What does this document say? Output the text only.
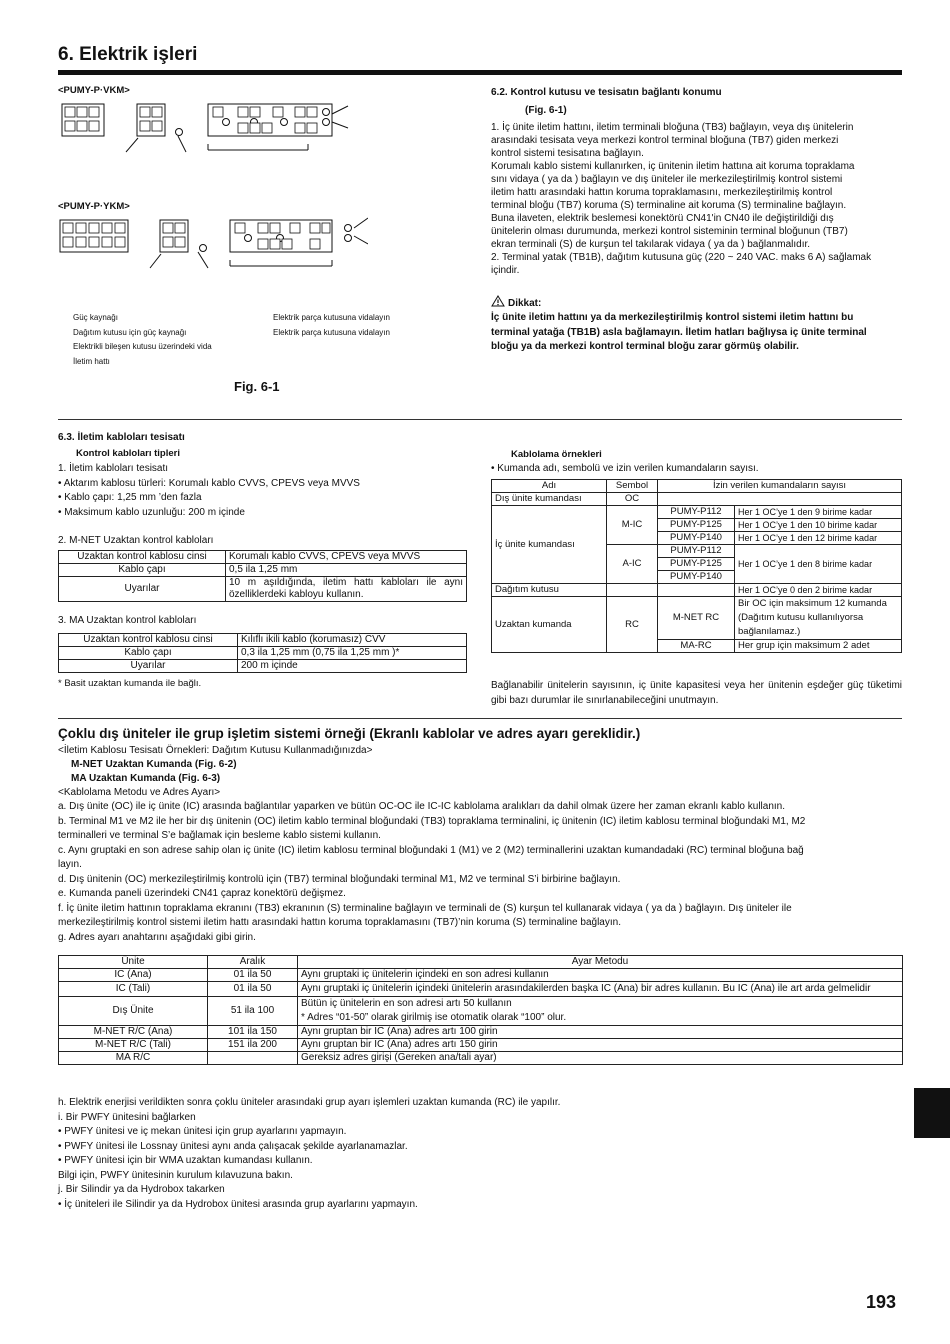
6. Elektrik işleri
<PUMY-P·VKM>
<PUMY-P·YKM>
Güç kaynağı
Dağıtım kutusu için güç kaynağı
Elektrikli bileşen kutusu üzerindeki vida
İletim hattı
Elektrik parça kutusuna vidalayın
Elektrik parça kutusuna vidalayın
Fig. 6-1
6.2. Kontrol kutusu ve tesisatın bağlantı konumu
(Fig. 6-1)
1. İç ünite iletim hattını, iletim terminali bloğuna (TB3) bağlayın, veya dış ünitelerin
arasındaki tesisata veya merkezi kontrol terminal bloğuna (TB7) giden merkezi
kontrol sistemi tesisatına bağlayın.
Korumalı kablo sistemi kullanırken, iç ünitenin iletim hattına ait koruma topraklama
sını vidaya ( ya da ) bağlayın ve dış üniteler ile merkezileştirilmiş kontrol sistemi
iletim hattı arasındaki hattın koruma topraklamasını, merkezileştirilmiş kontrol
terminal bloğu (TB7) koruma (S) terminaline ait koruma (S) terminaline bağlayın.
Buna ilaveten, elektrik beslemesi konektörü CN41'in CN40 ile değiştirildiği dış
ünitelerin olması durumunda, merkezi kontrol sisteminin terminal bloğunun (TB7)
ekran terminali (S) de kurşun tel takılarak vidaya ( ya da ) bağlanmalıdır.
2. Terminal yatak (TB1B), dağıtım kutusuna güç (220 ~ 240 VAC. maks 6 A) sağlamak
içindir.
Dikkat:
İç ünite iletim hattını ya da merkezileştirilmiş kontrol sistemi iletim hattını bu
terminal yatağa (TB1B) asla bağlamayın. İletim hatları bağlıysa iç ünite terminal
bloğu ya da merkezi kontrol terminal bloğu zarar görmüş olabilir.
6.3. İletim kabloları tesisatı
Kontrol kabloları tipleri
1. İletim kabloları tesisatı
• Aktarım kablosu türleri: Korumalı kablo CVVS, CPEVS veya MVVS
• Kablo çapı: 1,25 mm ’den fazla
• Maksimum kablo uzunluğu: 200 m içinde
2. M-NET Uzaktan kontrol kabloları
Uzaktan kontrol kablosu cinsi	Korumalı kablo CVVS, CPEVS veya MVVS
Kablo çapı	0,5 ila 1,25 mm
Uyarılar	10 m aşıldığında, iletim hattı kabloları ile aynı özelliklerdeki kabloyu kullanın.
3. MA Uzaktan kontrol kabloları
Uzaktan kontrol kablosu cinsi	Kılıflı ikili kablo (korumasız) CVV
Kablo çapı	0,3 ila 1,25 mm (0,75 ila 1,25 mm )*
Uyarılar	200 m içinde
* Basit uzaktan kumanda ile bağlı.
Kablolama örnekleri
• Kumanda adı, sembolü ve izin verilen kumandaların sayısı.
Adı	Sembol	İzin verilen kumandaların sayısı	
Dış ünite kumandası	OC		
İç ünite kumandası	M-IC	PUMY-P112	Her 1 OC’ye 1 den 9 birime kadar
		PUMY-P125	Her 1 OC’ye 1 den 10 birime kadar
		PUMY-P140	Her 1 OC’ye 1 den 12 birime kadar
	A-IC	PUMY-P112	Her 1 OC’ye 1 den 8 birime kadar
		PUMY-P125	
		PUMY-P140	
Dağıtım kutusu			Her 1 OC’ye 0 den 2 birime kadar
Uzaktan kumanda	RC	M-NET RC	Bir OC için maksimum 12 kumanda (Dağıtım kutusu kullanılıyorsa bağlanılamaz.)
		MA-RC	Her grup için maksimum 2 adet
Bağlanabilir ünitelerin sayısının, iç ünite kapasitesi veya her ünitenin eşdeğer güç tüketimi gibi bazı durumlar ile sınırlanabileceğini unutmayın.
Çoklu dış üniteler ile grup işletim sistemi örneği (Ekranlı kablolar ve adres ayarı gereklidir.)
<İletim Kablosu Tesisatı Örnekleri: Dağıtım Kutusu Kullanmadığınızda>
M-NET Uzaktan Kumanda (Fig. 6-2)
MA Uzaktan Kumanda (Fig. 6-3)
<Kablolama Metodu ve Adres Ayarı>
a. Dış ünite (OC) ile iç ünite (IC) arasında bağlantılar yaparken ve bütün OC-OC ile IC-IC kablolama aralıkları da dahil olmak üzere her zaman ekranlı kablo kullanın.
b. Terminal M1 ve M2 ile her bir dış ünitenin (OC) iletim kablo terminal bloğundaki (TB3) topraklama terminalini, iç ünitenin (IC) iletim kablosu terminal bloğundaki M1, M2
terminalleri ve terminal S’e bağlamak için besleme kablo sistemi kullanın.
c. Aynı gruptaki en son adrese sahip olan iç ünite (IC) iletim kablosu terminal bloğundaki 1 (M1) ve 2 (M2) terminallerini uzaktan kumandadaki (RC) terminal bloğuna bağ
layın.
d. Dış ünitenin (OC) merkezileştirilmiş kontrolü için (TB7) terminal bloğundaki terminal M1, M2 ve terminal S’i birbirine bağlayın.
e. Kumanda paneli üzerindeki CN41 çapraz konektörü değişmez.
f. İç ünite iletim hattının topraklama ekranını (TB3) ekranının (S) terminaline bağlayın ve terminali de (S) kurşun tel kullanarak vidaya ( ya da ) bağlayın. Dış üniteler ile
merkezileştirilmiş kontrol sistemi iletim hattı arasındaki hattın koruma topraklamasını (TB7)’nin koruma (S) terminaline bağlayın.
g. Adres ayarı anahtarını aşağıdaki gibi girin.
Ünite	Aralık	Ayar Metodu
IC (Ana)	01 ila 50	Aynı gruptaki iç ünitelerin içindeki en son adresi kullanın
IC (Tali)	01 ila 50	Aynı gruptaki iç ünitelerin içindeki ünitelerin arasındakilerden başka IC (Ana) bir adres kullanın. Bu IC (Ana) ile art arda gelmelidir
Dış Ünite	51 ila 100	Bütün iç ünitelerin en son adresi artı 50 kullanın
* Adres “01-50” olarak girilmiş ise otomatik olarak “100” olur.
M-NET R/C (Ana)	101 ila 150	Aynı gruptan bir IC (Ana) adres artı 100 girin
M-NET R/C (Tali)	151 ila 200	Aynı gruptan bir IC (Ana) adres artı 150 girin
MA R/C		Gereksiz adres girişi (Gereken ana/tali ayar)
h. Elektrik enerjisi verildikten sonra çoklu üniteler arasındaki grup ayarı işlemleri uzaktan kumanda (RC) ile yapılır.
i. Bir PWFY ünitesini bağlarken
• PWFY ünitesi ve iç mekan ünitesi için grup ayarlarını yapmayın.
• PWFY ünitesi ile Lossnay ünitesi aynı anda çalışacak şekilde ayarlanamazlar.
• PWFY ünitesi için bir WMA uzaktan kumandası kullanın.
Bilgi için, PWFY ünitesinin kurulum kılavuzuna bakın.
j. Bir Silindir ya da Hydrobox takarken
• İç üniteleri ile Silindir ya da Hydrobox ünitesi arasında grup ayarlarını yapmayın.
193
